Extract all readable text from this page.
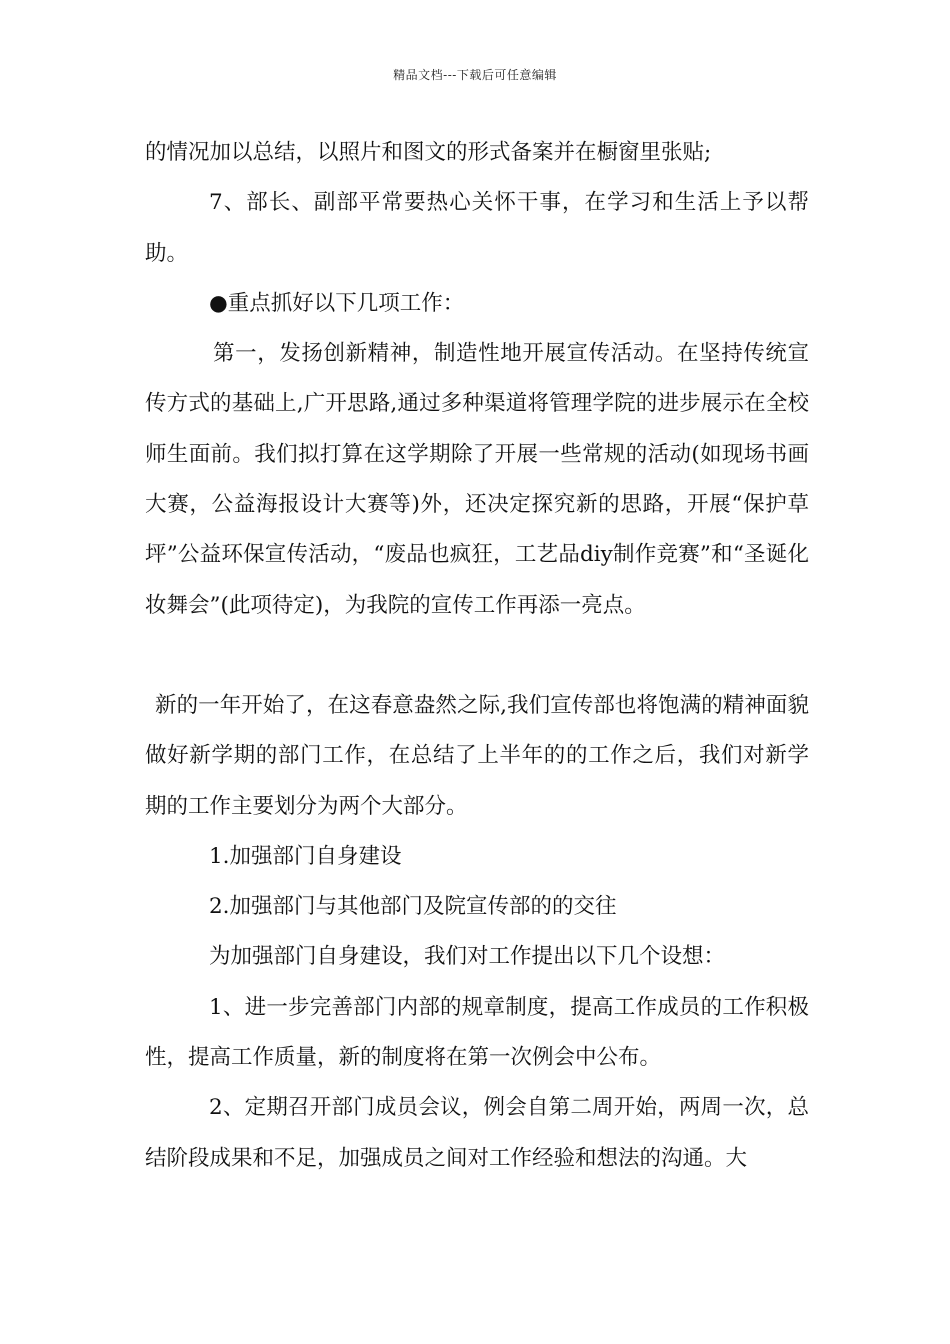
精品文档---下载后可任意编辑

的情况加以总结，以照片和图文的形式备案并在橱窗里张贴;

7、部长、副部平常要热心关怀干事，在学习和生活上予以帮助。

●重点抓好以下几项工作：

第一，发扬创新精神，制造性地开展宣传活动。在坚持传统宣传方式的基础上,广开思路,通过多种渠道将管理学院的进步展示在全校师生面前。我们拟打算在这学期除了开展一些常规的活动(如现场书画大赛，公益海报设计大赛等)外，还决定探究新的思路，开展“保护草坪”公益环保宣传活动，“废品也疯狂，工艺品diy制作竞赛”和“圣诞化妆舞会”(此项待定)，为我院的宣传工作再添一亮点。

新的一年开始了，在这春意盎然之际,我们宣传部也将饱满的精神面貌做好新学期的部门工作，在总结了上半年的的工作之后，我们对新学期的工作主要划分为两个大部分。

1.加强部门自身建设

2.加强部门与其他部门及院宣传部的的交往

为加强部门自身建设，我们对工作提出以下几个设想：

1、进一步完善部门内部的规章制度，提高工作成员的工作积极性，提高工作质量，新的制度将在第一次例会中公布。

2、定期召开部门成员会议，例会自第二周开始，两周一次，总结阶段成果和不足，加强成员之间对工作经验和想法的沟通。大
